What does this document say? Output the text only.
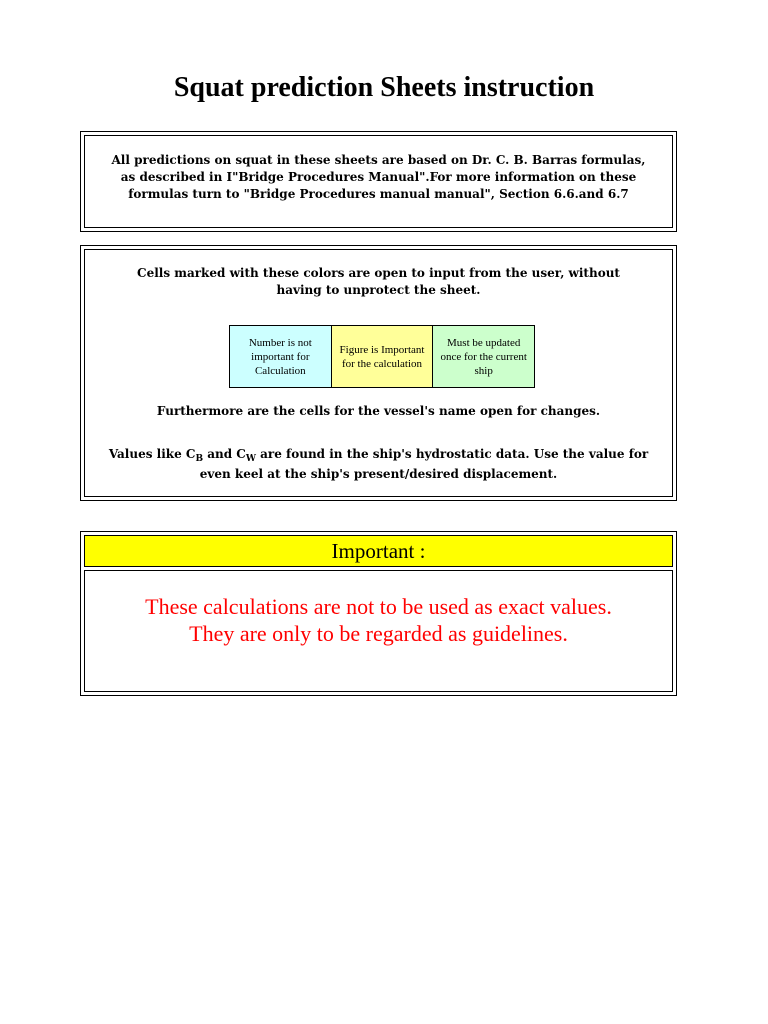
Squat prediction Sheets instruction

All predictions on squat in these sheets are based on Dr. C. B. Barras formulas, as described in I"Bridge Procedures Manual".For more information on these formulas turn to "Bridge Procedures manual manual", Section 6.6.and 6.7

Cells marked with these colors are open to input from the user, without having to unprotect the sheet.

Number is not important for Calculation
Figure is Important for the calculation
Must be updated once for the current ship

Furthermore are the cells for the vessel's name open for changes.

Values like $C_B$ and $C_W$ are found in the ship's hydrostatic data. Use the value for even keel at the ship's present/desired displacement.

Important :

These calculations are not to be used as exact values. They are only to be regarded as guidelines.
